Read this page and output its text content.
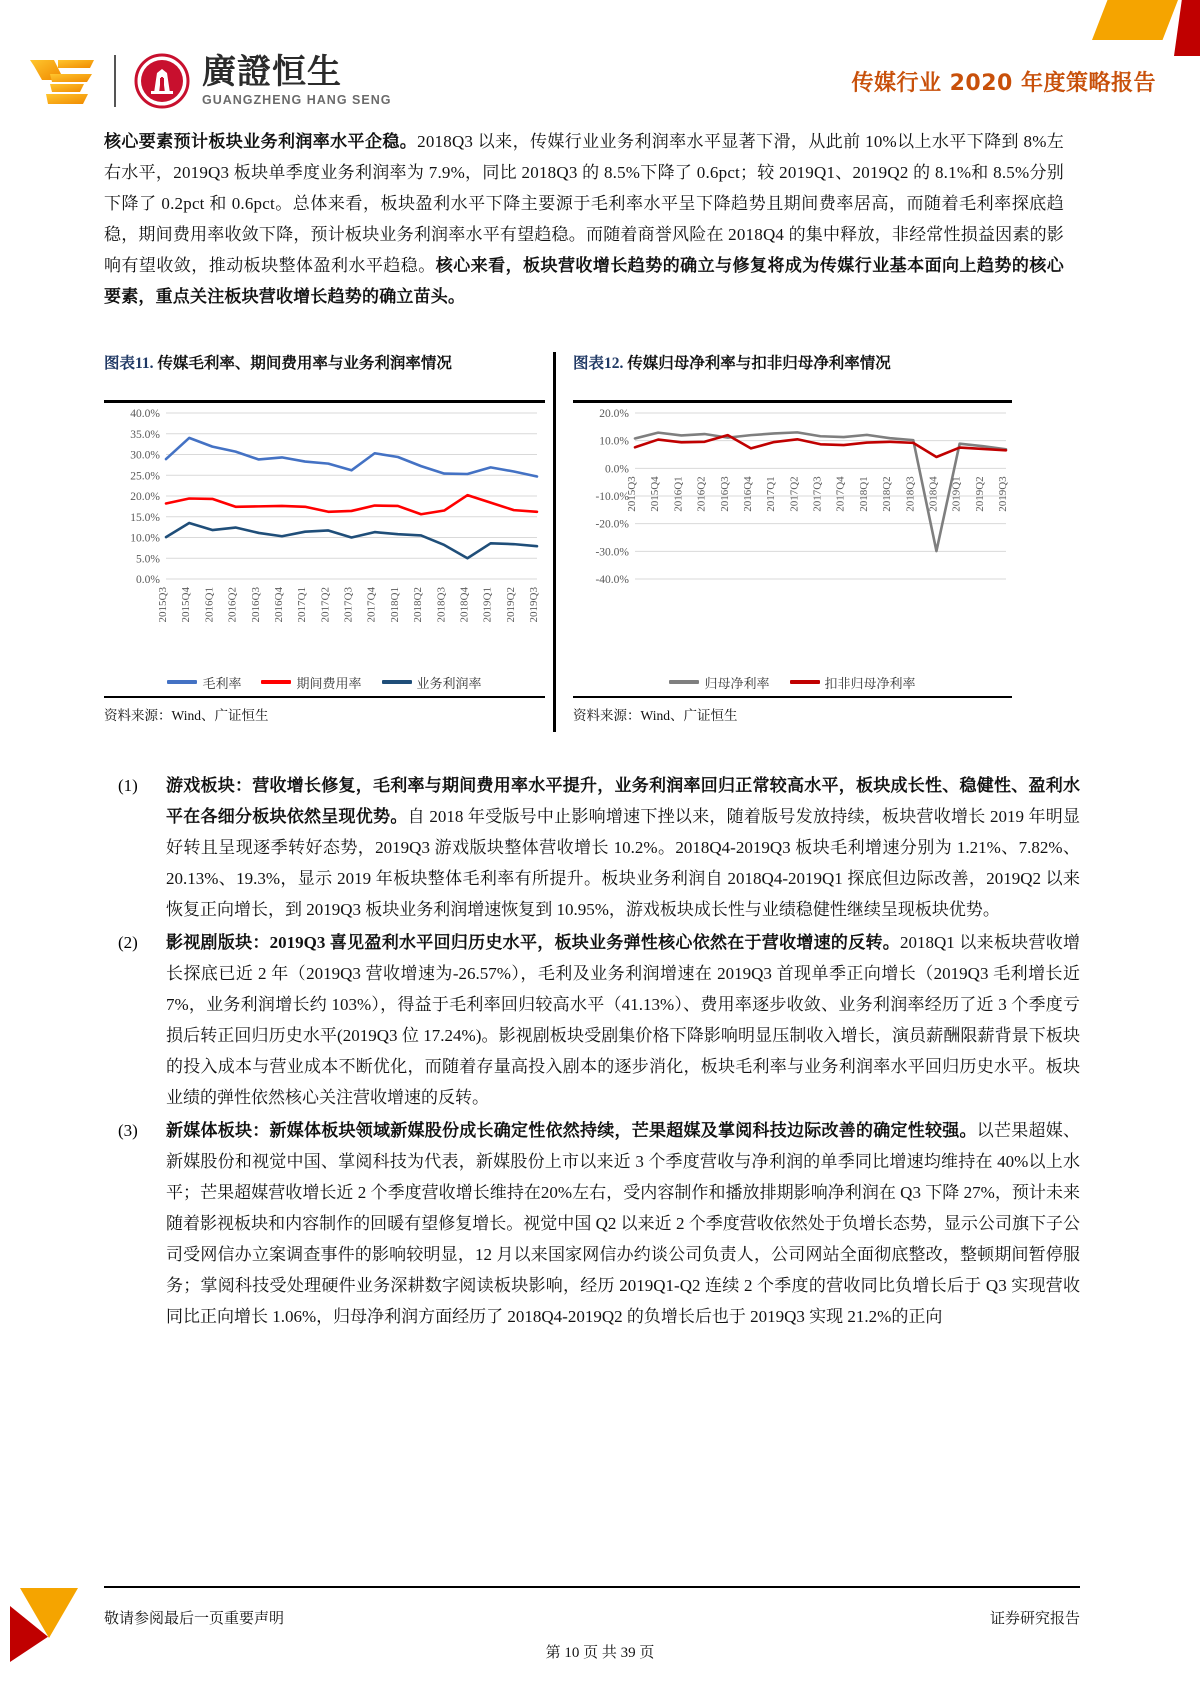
廣證恒生
GUANGZHENG HANG SENG
传媒行业 2020 年度策略报告

核心要素预计板块业务利润率水平企稳。2018Q3 以来，传媒行业业务利润率水平显著下滑，从此前 10%以上水平下降到 8%左右水平，2019Q3 板块单季度业务利润率为 7.9%，同比 2018Q3 的 8.5%下降了 0.6pct；较 2019Q1、2019Q2 的 8.1%和 8.5%分别下降了 0.2pct 和 0.6pct。总体来看，板块盈利水平下降主要源于毛利率水平呈下降趋势且期间费率居高，而随着毛利率探底趋稳，期间费用率收敛下降，预计板块业务利润率水平有望趋稳。而随着商誉风险在 2018Q4 的集中释放，非经常性损益因素的影响有望收敛，推动板块整体盈利水平趋稳。核心来看，板块营收增长趋势的确立与修复将成为传媒行业基本面向上趋势的核心要素，重点关注板块营收增长趋势的确立苗头。

图表11. 传媒毛利率、期间费用率与业务利润率情况
40.0%
35.0%
30.0%
25.0%
20.0%
15.0%
10.0%
5.0%
0.0%
2015Q3 2015Q4 2016Q1 2016Q2 2016Q3 2016Q4 2017Q1 2017Q2 2017Q3 2017Q4 2018Q1 2018Q2 2018Q3 2018Q4 2019Q1 2019Q2 2019Q3
毛利率	期间费用率	业务利润率
资料来源：Wind、广证恒生
图表12. 传媒归母净利率与扣非归母净利率情况
20.0%
10.0%
0.0%
-10.0%
-20.0%
-30.0%
-40.0%
2015Q3 2015Q4 2016Q1 2016Q2 2016Q3 2016Q4 2017Q1 2017Q2 2017Q3 2017Q4 2018Q1 2018Q2 2018Q3 2018Q4 2019Q1 2019Q2 2019Q3
归母净利率	扣非归母净利率
资料来源：Wind、广证恒生
(1)	游戏板块：营收增长修复，毛利率与期间费用率水平提升，业务利润率回归正常较高水平，板块成长性、稳健性、盈利水平在各细分板块依然呈现优势。自 2018 年受版号中止影响增速下挫以来，随着版号发放持续，板块营收增长 2019 年明显好转且呈现逐季转好态势，2019Q3 游戏版块整体营收增长 10.2%。2018Q4-2019Q3 板块毛利增速分别为 1.21%、7.82%、20.13%、19.3%，显示 2019 年板块整体毛利率有所提升。板块业务利润自 2018Q4-2019Q1 探底但边际改善，2019Q2 以来恢复正向增长，到 2019Q3 板块业务利润增速恢复到 10.95%，游戏板块成长性与业绩稳健性继续呈现板块优势。
(2)	影视剧版块：2019Q3 喜见盈利水平回归历史水平，板块业务弹性核心依然在于营收增速的反转。2018Q1 以来板块营收增长探底已近 2 年（2019Q3 营收增速为-26.57%），毛利及业务利润增速在 2019Q3 首现单季正向增长（2019Q3 毛利增长近 7%，业务利润增长约 103%），得益于毛利率回归较高水平（41.13%）、费用率逐步收敛、业务利润率经历了近 3 个季度亏损后转正回归历史水平(2019Q3 位 17.24%)。影视剧板块受剧集价格下降影响明显压制收入增长，演员薪酬限薪背景下板块的投入成本与营业成本不断优化，而随着存量高投入剧本的逐步消化，板块毛利率与业务利润率水平回归历史水平。板块业绩的弹性依然核心关注营收增速的反转。
(3)	新媒体板块：新媒体板块领域新媒股份成长确定性依然持续，芒果超媒及掌阅科技边际改善的确定性较强。以芒果超媒、新媒股份和视觉中国、掌阅科技为代表，新媒股份上市以来近 3 个季度营收与净利润的单季同比增速均维持在 40%以上水平；芒果超媒营收增长近 2 个季度营收增长维持在20%左右，受内容制作和播放排期影响净利润在 Q3 下降 27%，预计未来随着影视板块和内容制作的回暖有望修复增长。视觉中国 Q2 以来近 2 个季度营收依然处于负增长态势，显示公司旗下子公司受网信办立案调查事件的影响较明显，12 月以来国家网信办约谈公司负责人，公司网站全面彻底整改，整顿期间暂停服务；掌阅科技受处理硬件业务深耕数字阅读板块影响，经历 2019Q1-Q2 连续 2 个季度的营收同比负增长后于 Q3 实现营收同比正向增长 1.06%，归母净利润方面经历了 2018Q4-2019Q2 的负增长后也于 2019Q3 实现 21.2%的正向
敬请参阅最后一页重要声明	证券研究报告
第 10 页 共 39 页
